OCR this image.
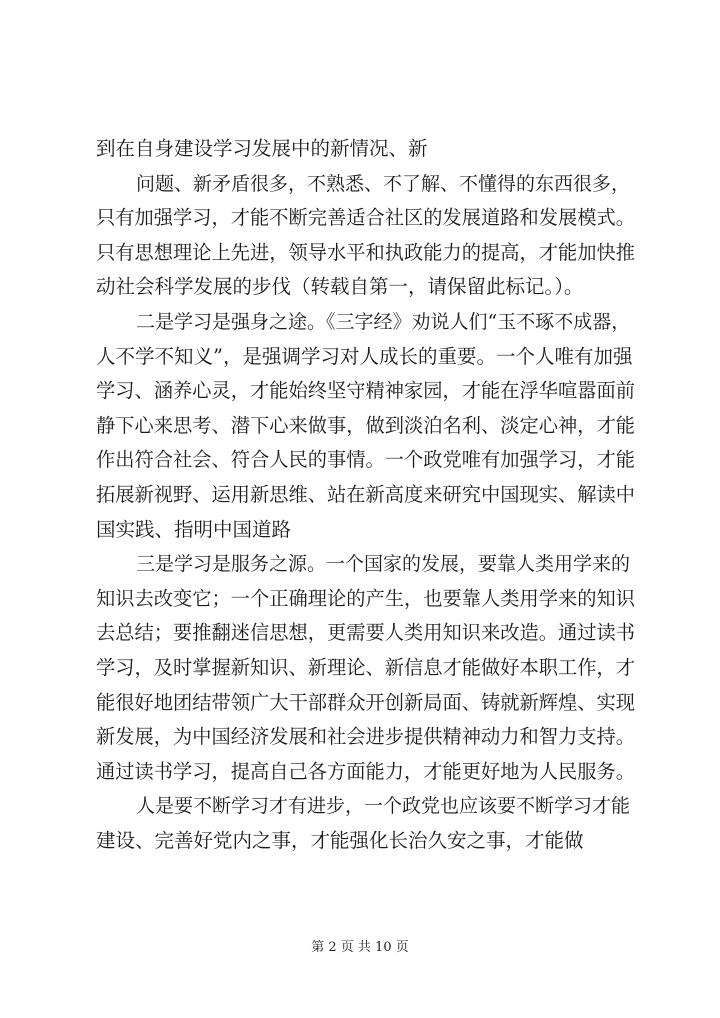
到在自身建设学习发展中的新情况、新
问题、新矛盾很多，不熟悉、不了解、不懂得的东西很多，
只有加强学习，才能不断完善适合社区的发展道路和发展模式。
只有思想理论上先进，领导水平和执政能力的提高，才能加快推
动社会科学发展的步伐（转载自第一，请保留此标记。）。
二是学习是强身之途。《三字经》劝说人们“玉不琢不成器，
人不学不知义”，是强调学习对人成长的重要。一个人唯有加强
学习、涵养心灵，才能始终坚守精神家园，才能在浮华喧嚣面前
静下心来思考、潜下心来做事，做到淡泊名利、淡定心神，才能
作出符合社会、符合人民的事情。一个政党唯有加强学习，才能
拓展新视野、运用新思维、站在新高度来研究中国现实、解读中
国实践、指明中国道路
三是学习是服务之源。一个国家的发展，要靠人类用学来的
知识去改变它；一个正确理论的产生，也要靠人类用学来的知识
去总结；要推翻迷信思想，更需要人类用知识来改造。通过读书
学习，及时掌握新知识、新理论、新信息才能做好本职工作，才
能很好地团结带领广大干部群众开创新局面、铸就新辉煌、实现
新发展，为中国经济发展和社会进步提供精神动力和智力支持。
通过读书学习，提高自己各方面能力，才能更好地为人民服务。
人是要不断学习才有进步，一个政党也应该要不断学习才能
建设、完善好党内之事，才能强化长治久安之事，才能做
第 2 页 共 10 页
